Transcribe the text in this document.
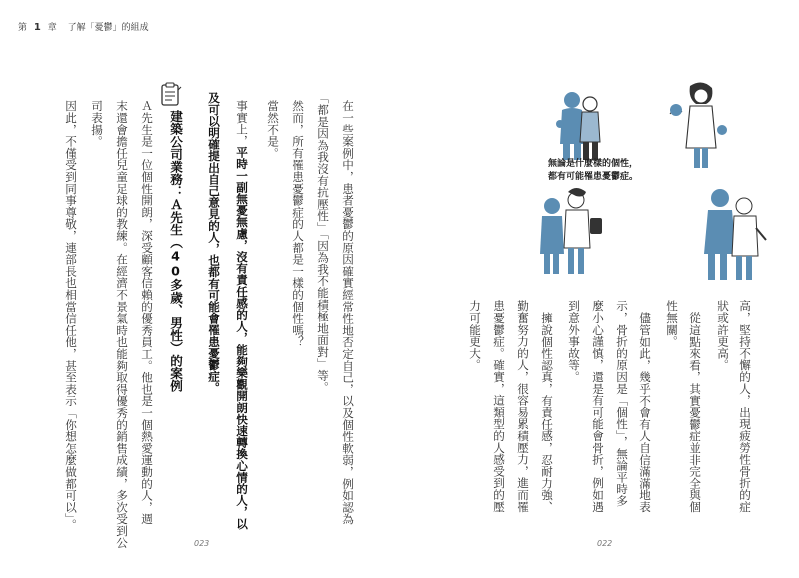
第 1 章 了解「憂鬱」的組成
在一些案例中，患者憂鬱的原因確實經常性地否定自己，以及個性軟弱，例如認為
「都是因為我沒有抗壓性」「因為我不能積極地面對」等。
然而，所有罹患憂鬱症的人都是一樣的個性嗎？
當然不是。
事實上，平時一副無憂無慮，沒有責任感的人，能夠樂觀開朗快速轉換心情的人，以
及可以明確提出自己意見的人，也都有可能會罹患憂鬱症。
建築公司業務：Ａ先生（40多歲、男性）的案例
Ａ先生是一位個性開朗，深受顧客信賴的優秀員工。他也是一個熱愛運動的人，週
末還會擔任兒童足球的教練。在經濟不景氣時也能夠取得優秀的銷售成績，多次受到公
司表揚。
因此，不僅受到同事尊敬，連部長也相當信任他，甚至表示「你想怎麼做都可以」。
023
高，堅持不懈的人，出現疲勞性骨折的症
狀或許更高。
從這點來看，其實憂鬱症並非完全與個
性無關。
儘管如此，幾乎不會有人自信滿滿地表
示，骨折的原因是「個性」，無論平時多
麼小心謹慎，還是有可能會骨折，例如遇
到意外事故等。
擁說個性認真，有責任感，忍耐力強、
勤奮努力的人，很容易累積壓力，進而罹
患憂鬱症。確實，這類型的人感受到的壓
力可能更大。
無論是什麼樣的個性，
都有可能罹患憂鬱症。
022
